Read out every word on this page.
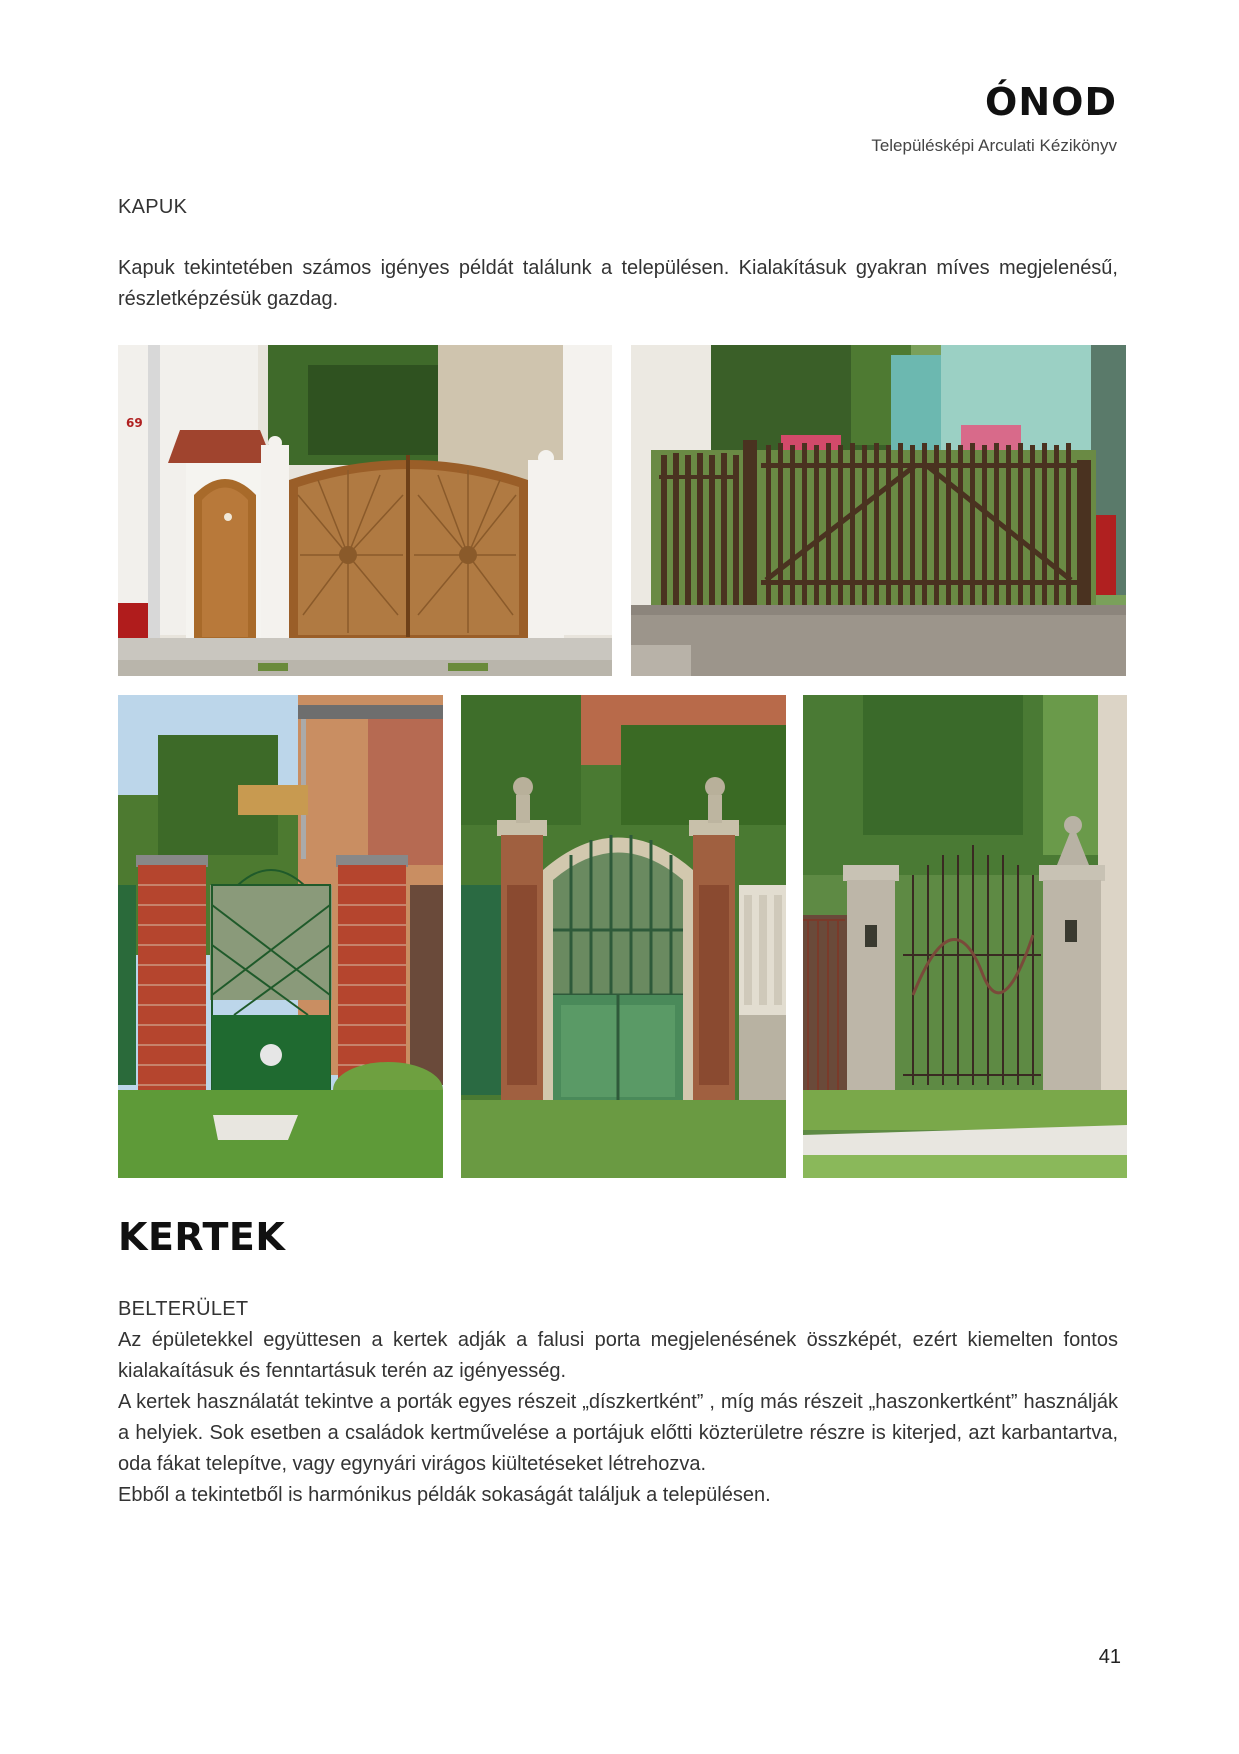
ÓNOD
Településképi Arculati Kézikönyv
KAPUK

Kapuk tekintetében számos igényes példát találunk a településen. Kialakításuk gyakran míves megjelenésű, részletképzésük gazdag.

69
KERTEK
BELTERÜLET

Az épületekkel együttesen a kertek adják a falusi porta megjelenésének összképét, ezért kiemelten fontos kialakaításuk és fenntartásuk terén az igényesség.

A kertek használatát tekintve a porták egyes részeit „díszkertként” , míg más részeit „haszonkertként” használják a helyiek. Sok esetben a családok kertművelése a portájuk előtti közterületre részre is kiterjed, azt karbantartva, oda fákat telepítve, vagy egynyári virágos kiültetéseket létrehozva.

Ebből a tekintetből is harmónikus példák sokaságát találjuk a településen.

41
